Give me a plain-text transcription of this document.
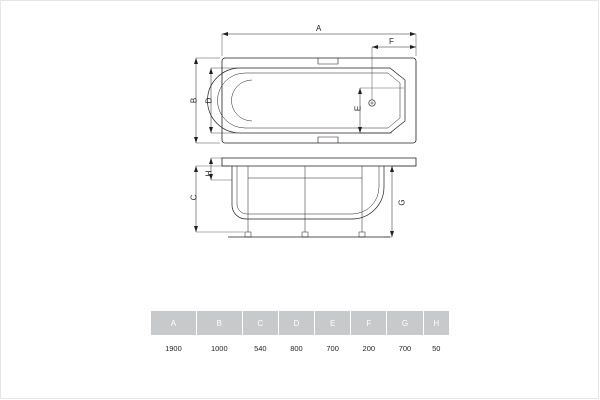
A
F
B D
E
C
H
G
A	B	C	D	E	F	G	H
1900	1000	540	800	700	200	700	50
